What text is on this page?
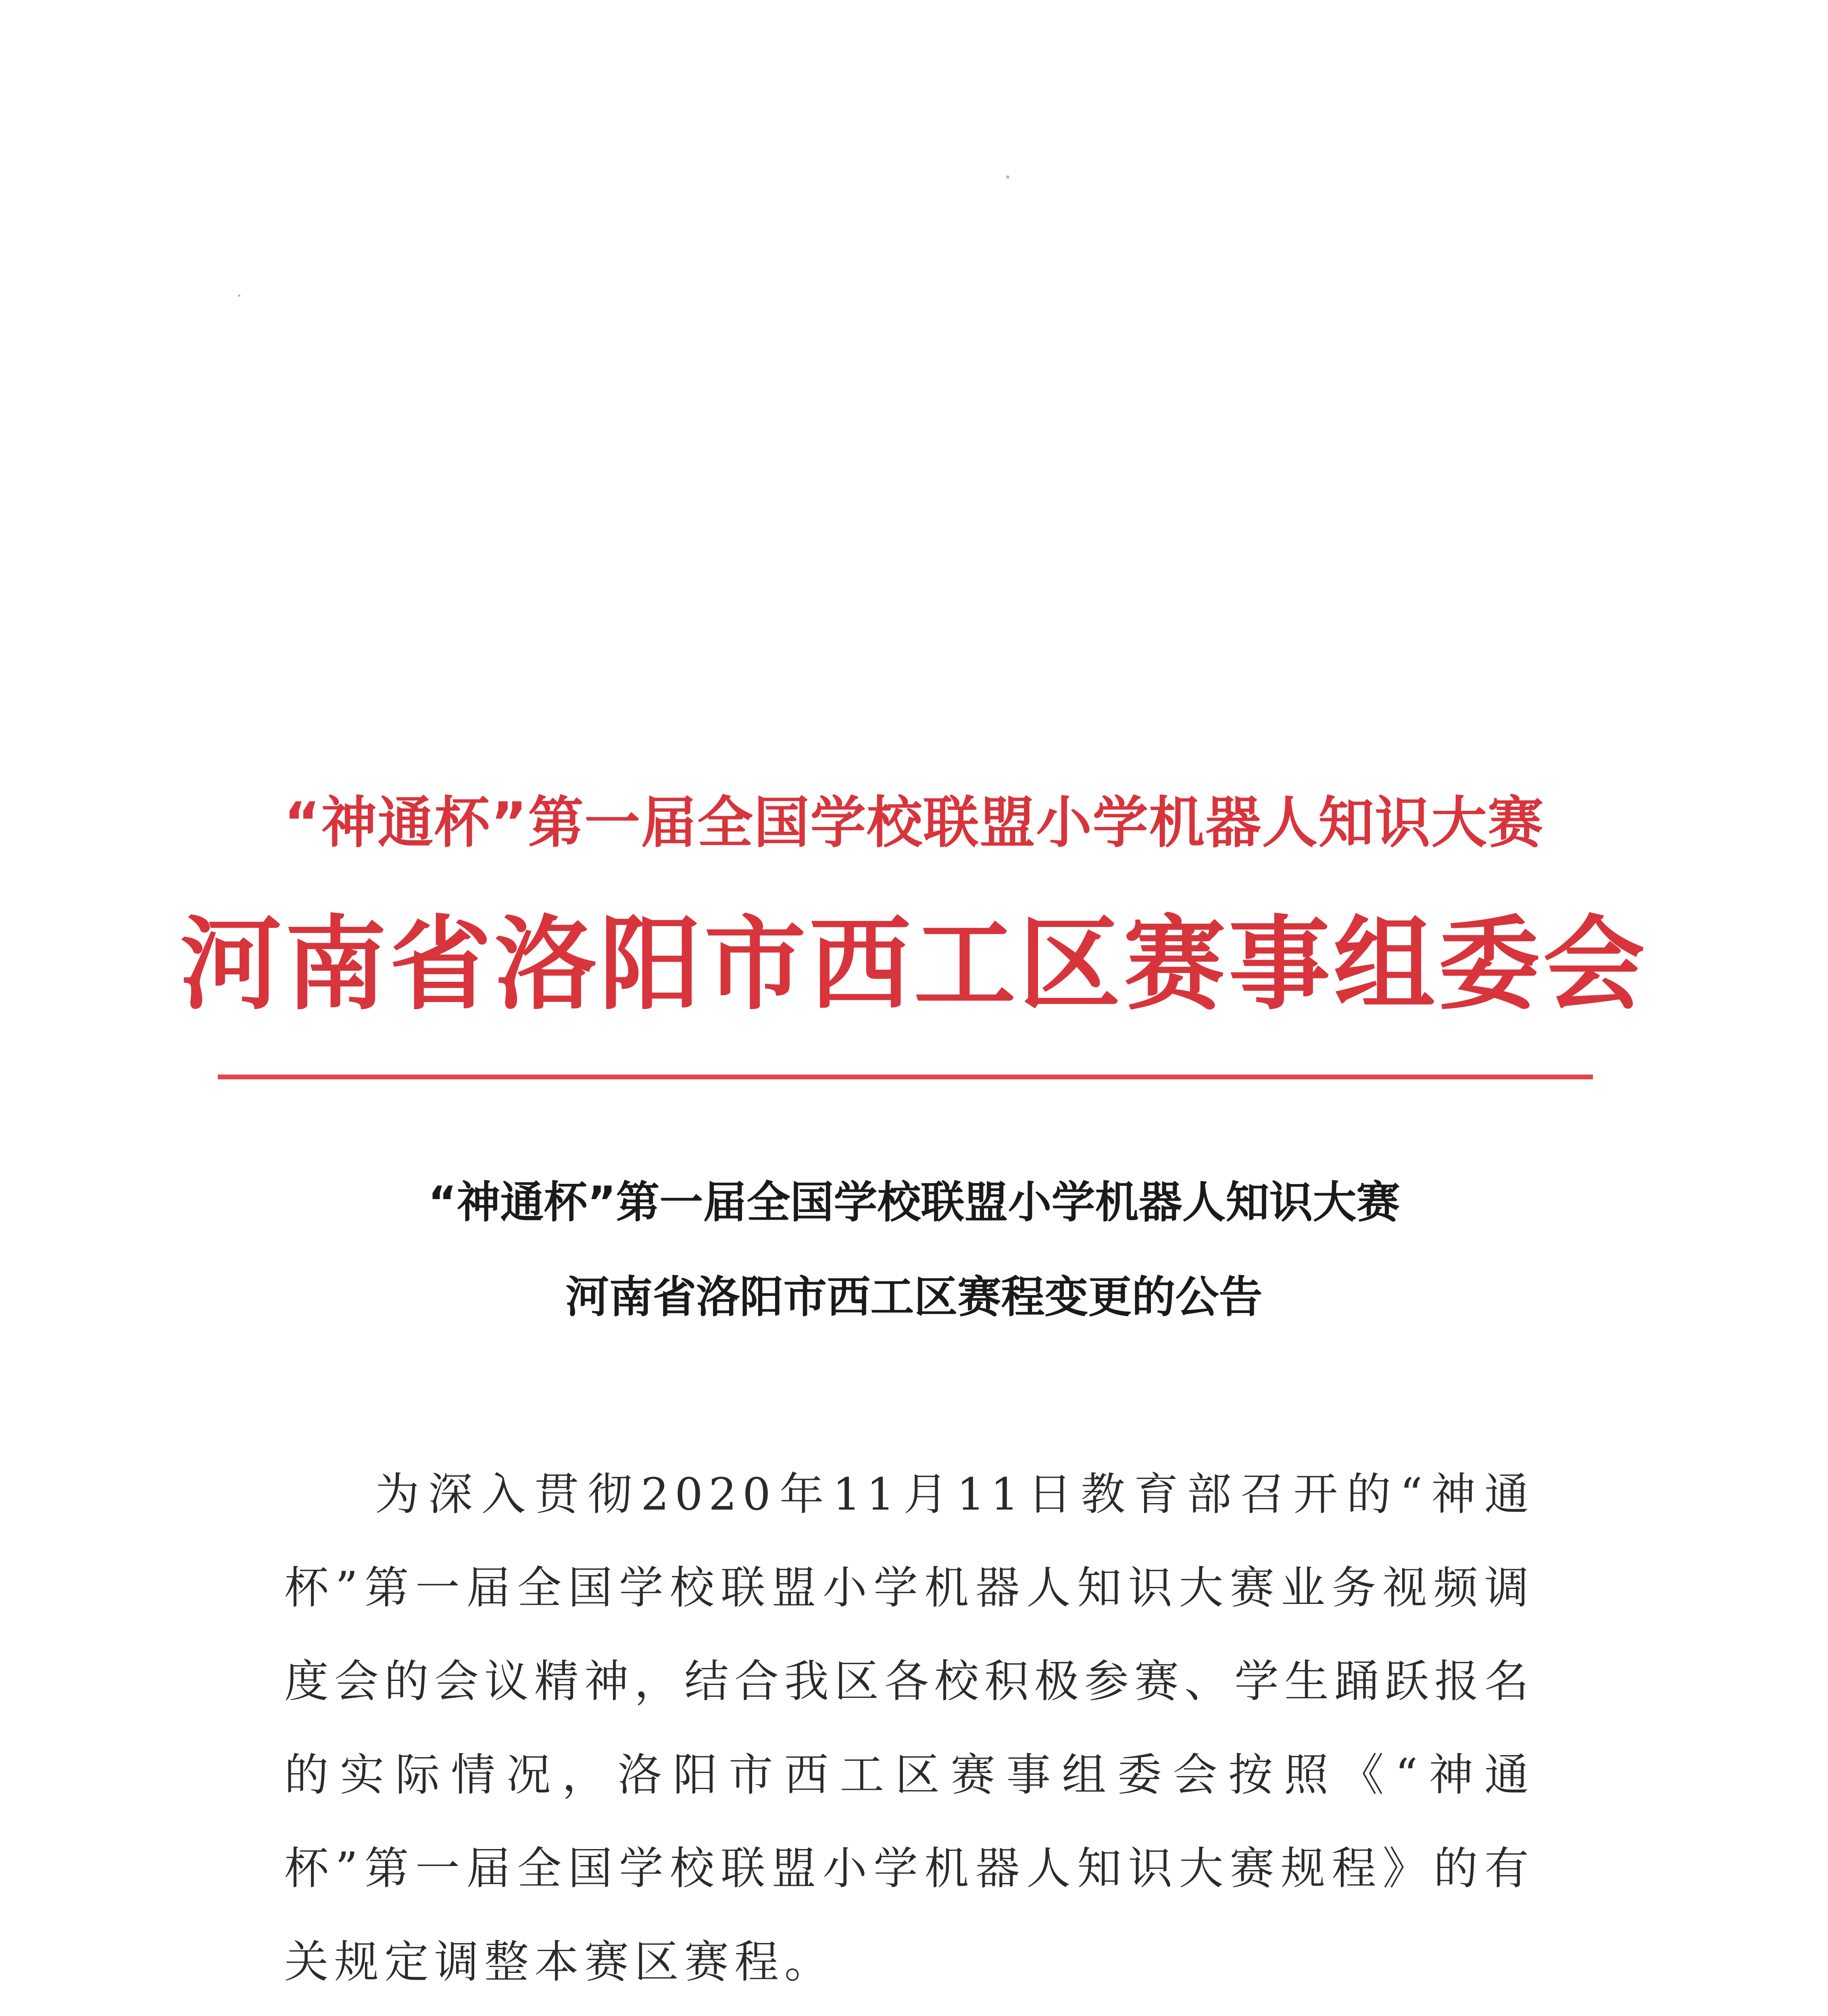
“神通杯”第一届全国学校联盟小学机器人知识大赛
河南省洛阳市西工区赛事组委会
“神通杯”第一届全国学校联盟小学机器人知识大赛
河南省洛阳市西工区赛程变更的公告

为深入贯彻2020年11月11日教育部召开的“神通杯”第一届全国学校联盟小学机器人知识大赛业务视频调度会的会议精神，结合我区各校积极参赛、学生踊跃报名的实际情况，洛阳市西工区赛事组委会按照《“神通杯”第一届全国学校联盟小学机器人知识大赛规程》的有关规定调整本赛区赛程。
